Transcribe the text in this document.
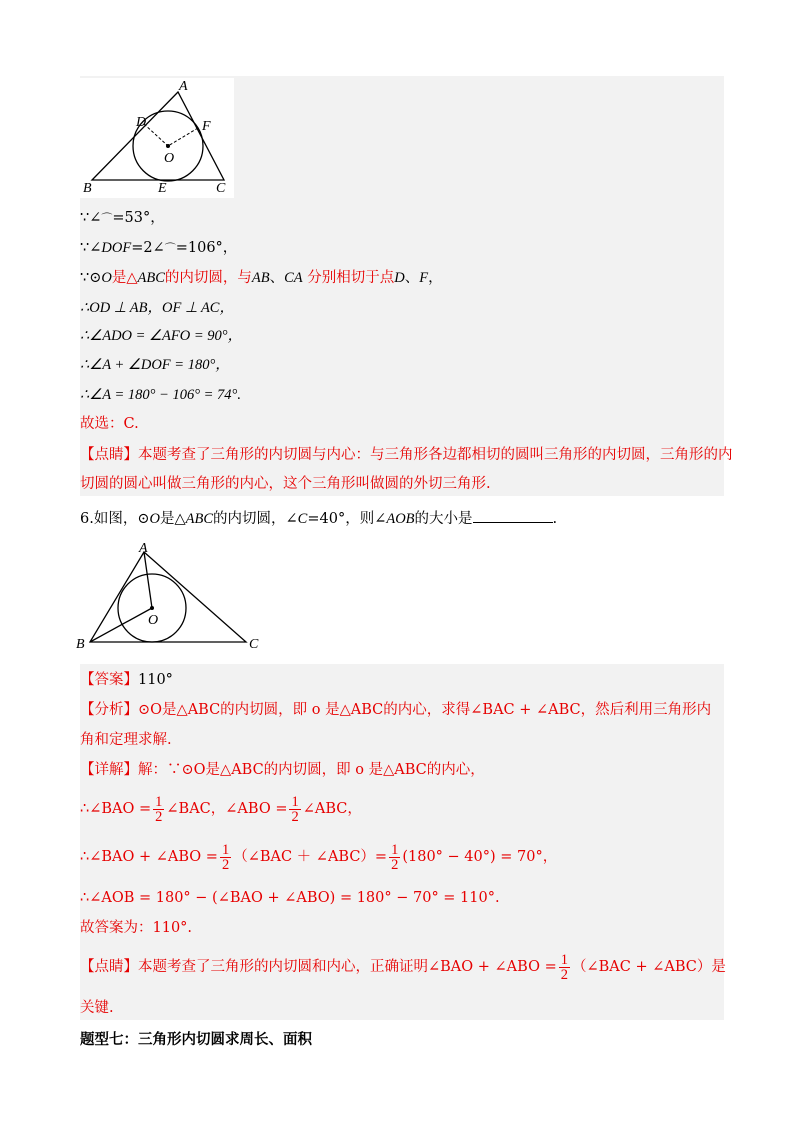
A
D	F
O
B	E	C
∵∠⌒=53°，
∵∠DOF=2∠⌒=106°，
∵⊙O是△ABC的内切圆，与AB、CA 分别相切于点D、F，
∴OD ⊥ AB，OF ⊥ AC，
∴∠ADO = ∠AFO = 90°，
∴∠A + ∠DOF = 180°，
∴∠A = 180° − 106° = 74°.
故选：C.
【点睛】本题考查了三角形的内切圆与内心：与三角形各边都相切的圆叫三角形的内切圆，三角形的内
切圆的圆心叫做三角形的内心，这个三角形叫做圆的外切三角形.
6.如图，⊙O是△ABC的内切圆，∠C=40°，则∠AOB的大小是	.
A
O
B	C
【答案】110°
【分析】⊙O是△ABC的内切圆，即 o 是△ABC的内心，求得∠BAC + ∠ABC，然后利用三角形内
角和定理求解.
【详解】解：∵⊙O是△ABC的内切圆，即 o 是△ABC的内心，
∴∠BAO = $\frac{1}{2}$ ∠BAC，∠ABO = $\frac{1}{2}$ ∠ABC，
∴∠BAO + ∠ABO = $\frac{1}{2}$ （∠BAC ＋ ∠ABC）= $\frac{1}{2} (180^\circ - 40^\circ) = 70^\circ$，
∴∠AOB = 180° − (∠BAO + ∠ABO) = 180° − 70° = 110°.
故答案为：110°.
【点睛】本题考查了三角形的内切圆和内心，正确证明∠BAO + ∠ABO = $\frac{1}{2}$ （∠BAC + ∠ABC）是
关键.
题型七：三角形内切圆求周长、面积
